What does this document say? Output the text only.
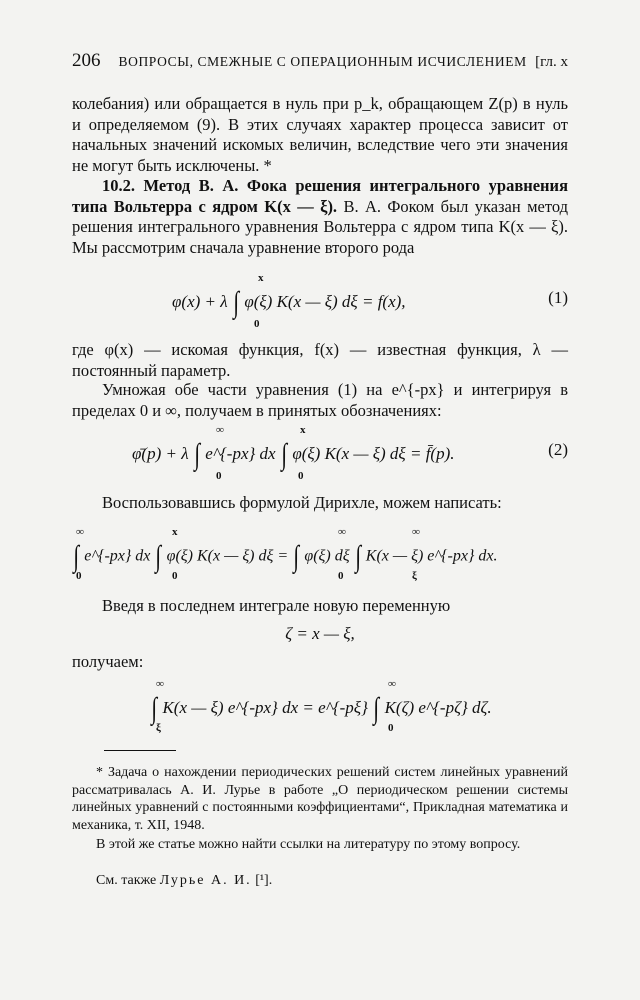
206 ВОПРОСЫ, СМЕЖНЫЕ С ОПЕРАЦИОННЫМ ИСЧИСЛЕНИЕМ [гл. x
колебания) или обращается в нуль при p_k, обращающем Z(p) в нуль и определяемом (9). В этих случаях характер процесса зависит от начальных значений искомых величин, вследствие чего эти значения не могут быть исключены. *
10.2. Метод В. А. Фока решения интегрального уравнения типа Вольтерра с ядром K(x — ξ). В. А. Фоком был указан метод решения интегрального уравнения Вольтерра с ядром типа K(x — ξ). Мы рассмотрим сначала уравнение второго рода
φ(x) + λ ∫ φ(ξ) K(x — ξ) dξ = f(x),
x
0
(1)
где φ(x) — искомая функция, f(x) — известная функция, λ — постоянный параметр.
Умножая обе части уравнения (1) на e^{-px} и интегрируя в пределах 0 и ∞, получаем в принятых обозначениях:
φ̄(p) + λ ∫ e^{-px} dx ∫ φ(ξ) K(x — ξ) dξ = f̄(p).
∞
0
x
0
(2)
Воспользовавшись формулой Дирихле, можем написать:
∫ e^{-px} dx ∫ φ(ξ) K(x — ξ) dξ = ∫ φ(ξ) dξ ∫ K(x — ξ) e^{-px} dx.
∞
0
x
0
∞
0
∞
ξ
Введя в последнем интеграле новую переменную
ζ = x — ξ,
получаем:
∫ K(x — ξ) e^{-px} dx = e^{-pξ} ∫ K(ζ) e^{-pζ} dζ.
∞
ξ
∞
0
* Задача о нахождении периодических решений систем линейных уравнений рассматривалась А. И. Лурье в работе „О периодическом решении системы линейных уравнений с постоянными коэффициентами“, Прикладная математика и механика, т. XII, 1948.
В этой же статье можно найти ссылки на литературу по этому вопросу.
См. также Лурье А. И. [¹].
